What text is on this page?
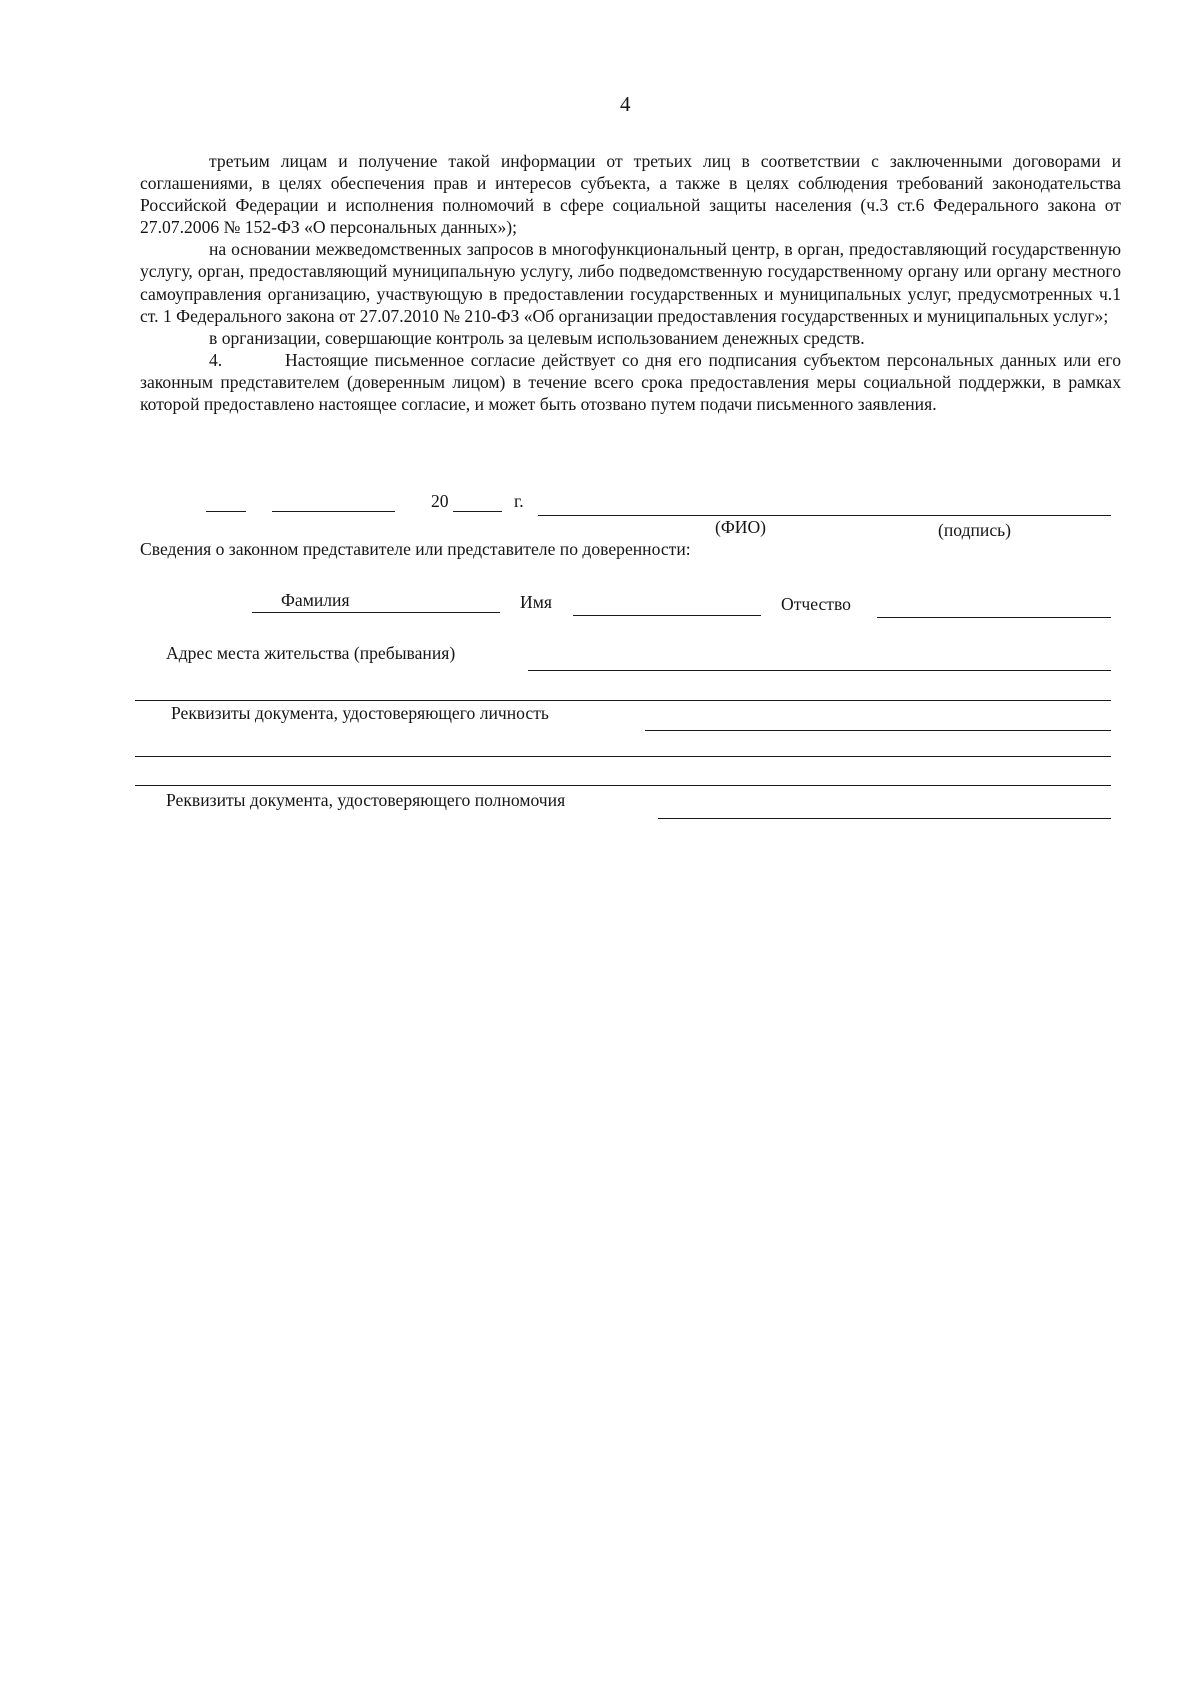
4

третьим лицам и получение такой информации от третьих лиц в соответствии с заключенными договорами и соглашениями, в целях обеспечения прав и интересов субъекта, а также в целях соблюдения требований законодательства Российской Федерации и исполнения полномочий в сфере социальной защиты населения (ч.3 ст.6 Федерального закона от 27.07.2006 № 152-ФЗ «О персональных данных»);

на основании межведомственных запросов в многофункциональный центр, в орган, предоставляющий государственную услугу, орган, предоставляющий муниципальную услугу, либо подведомственную государственному органу или органу местного самоуправления организацию, участвующую в предоставлении государственных и муниципальных услуг, предусмотренных ч.1 ст. 1 Федерального закона от 27.07.2010 № 210-ФЗ «Об организации предоставления государственных и муниципальных услуг»;

в организации, совершающие контроль за целевым использованием денежных средств.

4.	Настоящие письменное согласие действует со дня его подписания субъектом персональных данных или его законным представителем (доверенным лицом) в течение всего срока предоставления меры социальной поддержки, в рамках которой предоставлено настоящее согласие, и может быть отозвано путем подачи письменного заявления.

20	г.
(ФИО)	(подпись)
Сведения о законном представителе или представителе по доверенности:
Фамилия	Имя	Отчество
Адрес места жительства (пребывания)
Реквизиты документа, удостоверяющего личность
Реквизиты документа, удостоверяющего полномочия
